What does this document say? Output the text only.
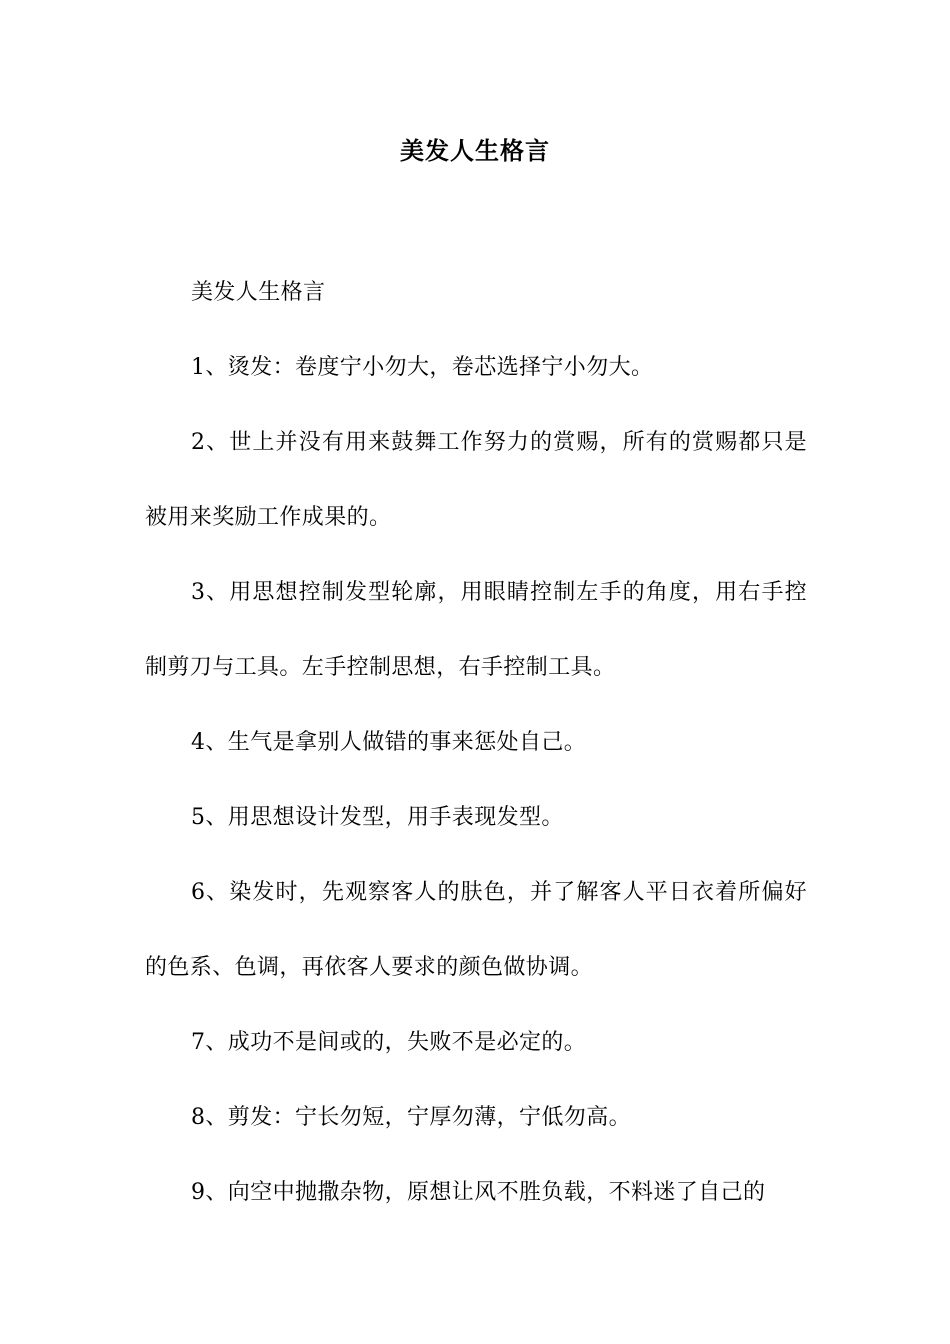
美发人生格言

美发人生格言

1、烫发：卷度宁小勿大，卷芯选择宁小勿大。

2、世上并没有用来鼓舞工作努力的赏赐，所有的赏赐都只是被用来奖励工作成果的。

3、用思想控制发型轮廓，用眼睛控制左手的角度，用右手控制剪刀与工具。左手控制思想，右手控制工具。

4、生气是拿别人做错的事来惩处自己。

5、用思想设计发型，用手表现发型。

6、染发时，先观察客人的肤色，并了解客人平日衣着所偏好的色系、色调，再依客人要求的颜色做协调。

7、成功不是间或的，失败不是必定的。

8、剪发：宁长勿短，宁厚勿薄，宁低勿高。

9、向空中抛撒杂物，原想让风不胜负载，不料迷了自己的
